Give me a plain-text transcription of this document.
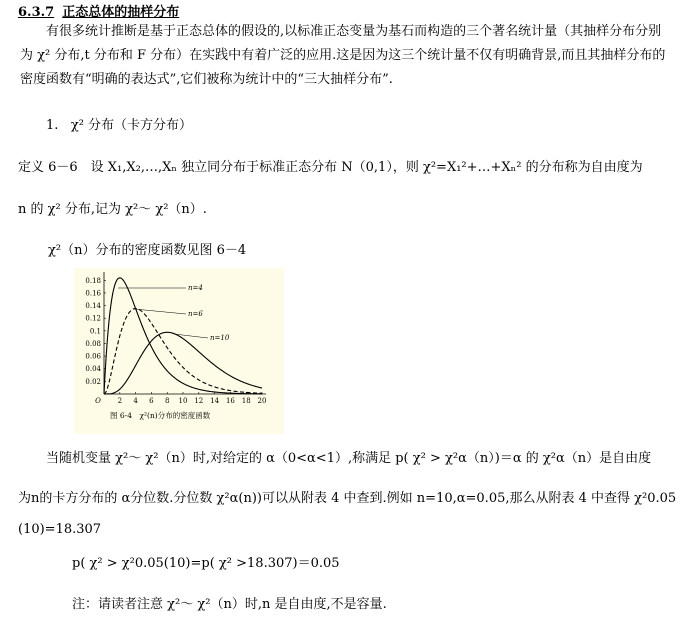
6.3.7 正态总体的抽样分布
有很多统计推断是基于正态总体的假设的,以标准正态变量为基石而构造的三个著名统计量（其抽样分布分别为 χ² 分布,t 分布和 F 分布）在实践中有着广泛的应用.这是因为这三个统计量不仅有明确背景,而且其抽样分布的密度函数有“明确的表达式”,它们被称为统计中的“三大抽样分布”.
1. χ² 分布（卡方分布）
定义 6－6　设 X₁,X₂,…,Xₙ 独立同分布于标准正态分布 N（0,1），则 χ²=X₁²+…+Xₙ² 的分布称为自由度为
n 的 χ² 分布,记为 χ²～ χ²（n）.
χ²（n）分布的密度函数见图 6－4
O 2 4 6 8 10 12 14 16 18 20
0.02
0.04
0.06
0.08
0.1
0.12
0.14
0.16
0.18
n=4
n=6
n=10
图 6-4　χ²(n)分布的密度函数
当随机变量 χ²～ χ²（n）时,对给定的 α（0<α<1）,称满足 p( χ² > χ²α（n）)＝α 的 χ²α（n）是自由度
为n的卡方分布的 α分位数.分位数 χ²α(n))可以从附表 4 中查到.例如 n=10,α=0.05,那么从附表 4 中查得 χ²0.05
(10)=18.307
p( χ² > χ²0.05(10)=p( χ² >18.307)＝0.05
注：请读者注意 χ²～ χ²（n）时,n 是自由度,不是容量.
